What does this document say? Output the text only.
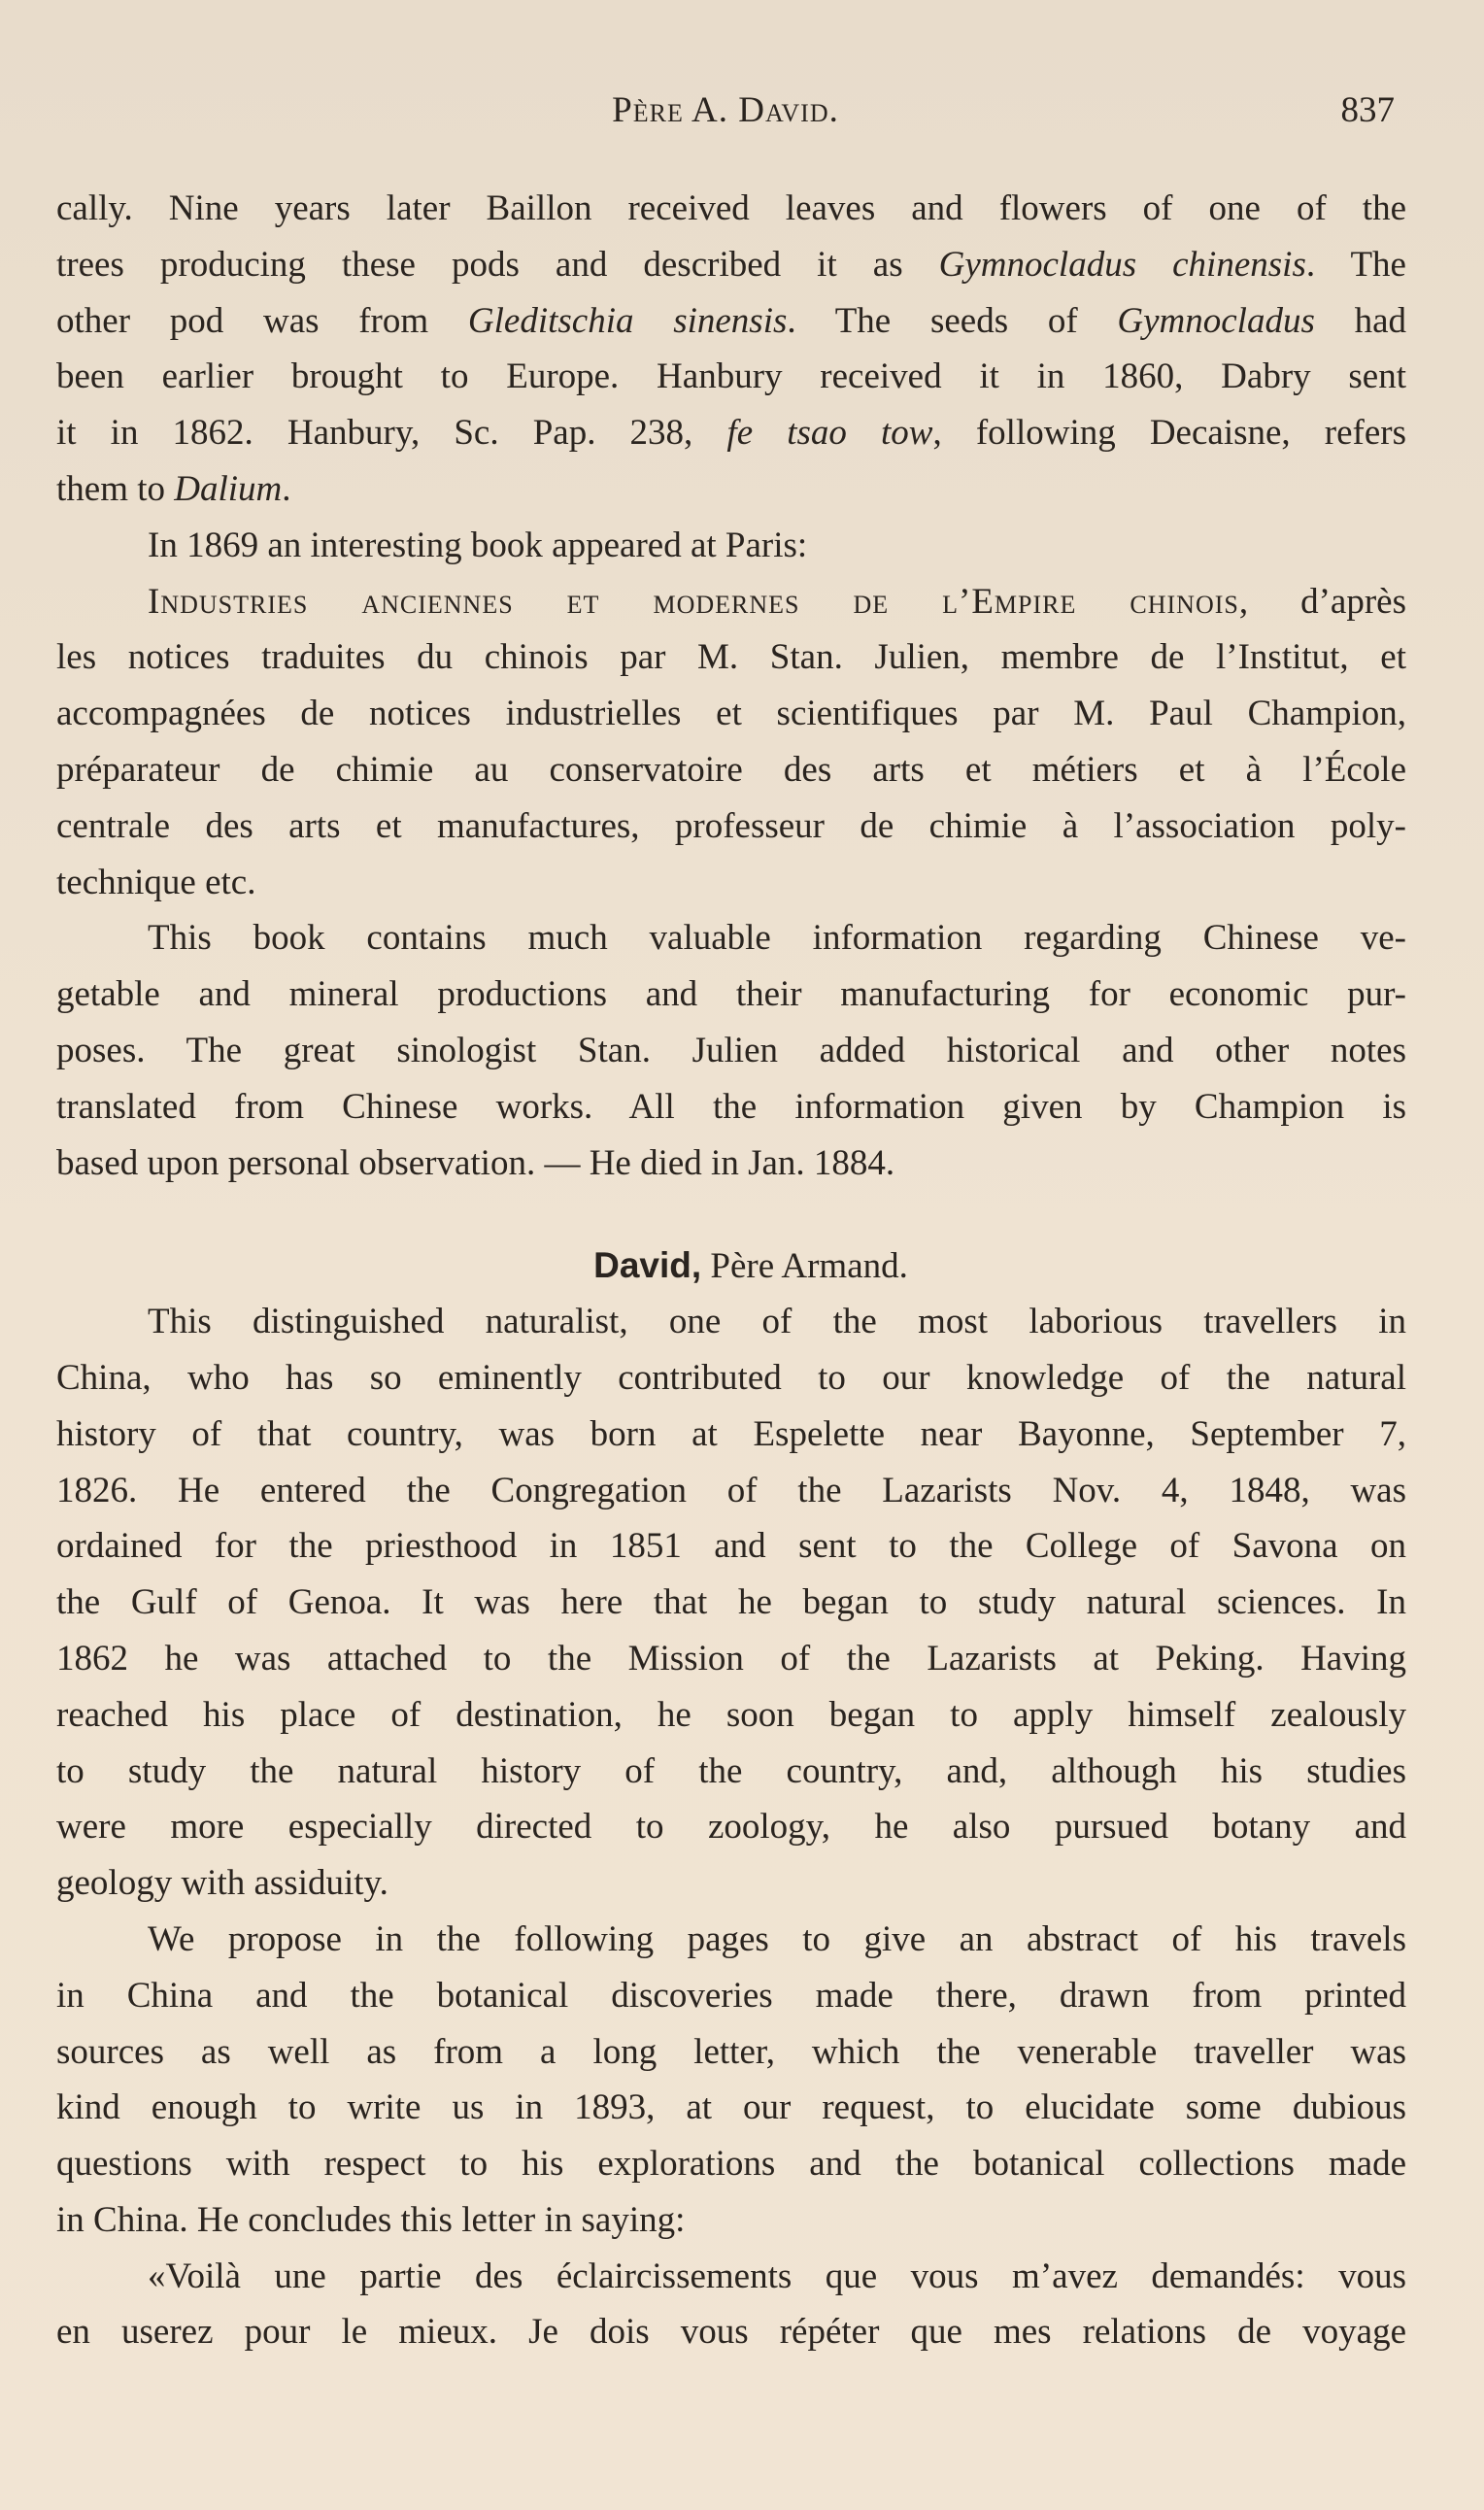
Père A. David.	837
cally. Nine years later Baillon received leaves and flowers of one of the
trees producing these pods and described it as Gymnocladus chinensis. The
other pod was from Gleditschia sinensis. The seeds of Gymnocladus had
been earlier brought to Europe. Hanbury received it in 1860, Dabry sent
it in 1862. Hanbury, Sc. Pap. 238, fe tsao tow, following Decaisne, refers
them to Dalium.
In 1869 an interesting book appeared at Paris:
Industries anciennes et modernes de l’Empire chinois, d’après
les notices traduites du chinois par M. Stan. Julien, membre de l’Institut, et
accompagnées de notices industrielles et scientifiques par M. Paul Champion,
préparateur de chimie au conservatoire des arts et métiers et à l’École
centrale des arts et manufactures, professeur de chimie à l’association poly-
technique etc.
This book contains much valuable information regarding Chinese ve-
getable and mineral productions and their manufacturing for economic pur-
poses. The great sinologist Stan. Julien added historical and other notes
translated from Chinese works. All the information given by Champion is
based upon personal observation. — He died in Jan. 1884.
David, Père Armand.
This distinguished naturalist, one of the most laborious travellers in
China, who has so eminently contributed to our knowledge of the natural
history of that country, was born at Espelette near Bayonne, September 7,
1826. He entered the Congregation of the Lazarists Nov. 4, 1848, was
ordained for the priesthood in 1851 and sent to the College of Savona on
the Gulf of Genoa. It was here that he began to study natural sciences. In
1862 he was attached to the Mission of the Lazarists at Peking. Having
reached his place of destination, he soon began to apply himself zealously
to study the natural history of the country, and, although his studies
were more especially directed to zoology, he also pursued botany and
geology with assiduity.
We propose in the following pages to give an abstract of his travels
in China and the botanical discoveries made there, drawn from printed
sources as well as from a long letter, which the venerable traveller was
kind enough to write us in 1893, at our request, to elucidate some dubious
questions with respect to his explorations and the botanical collections made
in China. He concludes this letter in saying:
«Voilà une partie des éclaircissements que vous m’avez demandés: vous
en userez pour le mieux. Je dois vous répéter que mes relations de voyage
